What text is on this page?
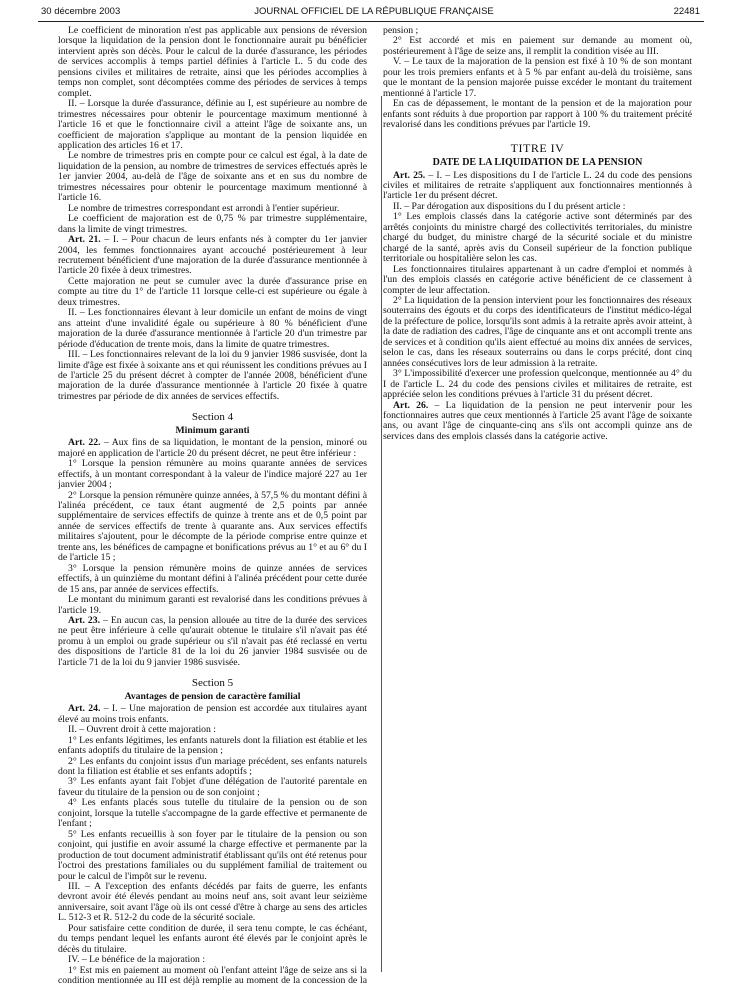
30 décembre 2003	JOURNAL OFFICIEL DE LA RÉPUBLIQUE FRANÇAISE	22481

Le coefficient de minoration n'est pas applicable aux pensions de réversion lorsque la liquidation de la pension dont le fonctionnaire aurait pu bénéficier intervient après son décès. Pour le calcul de la durée d'assurance, les périodes de services accomplis à temps partiel définies à l'article L. 5 du code des pensions civiles et militaires de retraite, ainsi que les périodes accomplies à temps non complet, sont décomptées comme des périodes de services à temps complet.

II. – Lorsque la durée d'assurance, définie au I, est supérieure au nombre de trimestres nécessaires pour obtenir le pourcentage maximum mentionné à l'article 16 et que le fonctionnaire civil a atteint l'âge de soixante ans, un coefficient de majoration s'applique au montant de la pension liquidée en application des articles 16 et 17.

Le nombre de trimestres pris en compte pour ce calcul est égal, à la date de liquidation de la pension, au nombre de trimestres de services effectués après le 1er janvier 2004, au-delà de l'âge de soixante ans et en sus du nombre de trimestres nécessaires pour obtenir le pourcentage maximum mentionné à l'article 16.

Le nombre de trimestres correspondant est arrondi à l'entier supérieur.

Le coefficient de majoration est de 0,75 % par trimestre supplémentaire, dans la limite de vingt trimestres.

Art. 21. – I. – Pour chacun de leurs enfants nés à compter du 1er janvier 2004, les femmes fonctionnaires ayant accouché postérieurement à leur recrutement bénéficient d'une majoration de la durée d'assurance mentionnée à l'article 20 fixée à deux trimestres.

Cette majoration ne peut se cumuler avec la durée d'assurance prise en compte au titre du 1° de l'article 11 lorsque celle-ci est supérieure ou égale à deux trimestres.

II. – Les fonctionnaires élevant à leur domicile un enfant de moins de vingt ans atteint d'une invalidité égale ou supérieure à 80 % bénéficient d'une majoration de la durée d'assurance mentionnée à l'article 20 d'un trimestre par période d'éducation de trente mois, dans la limite de quatre trimestres.

III. – Les fonctionnaires relevant de la loi du 9 janvier 1986 susvisée, dont la limite d'âge est fixée à soixante ans et qui réunissent les conditions prévues au I de l'article 25 du présent décret à compter de l'année 2008, bénéficient d'une majoration de la durée d'assurance mentionnée à l'article 20 fixée à quatre trimestres par période de dix années de services effectifs.

Section 4
Minimum garanti

Art. 22. – Aux fins de sa liquidation, le montant de la pension, minoré ou majoré en application de l'article 20 du présent décret, ne peut être inférieur :

1° Lorsque la pension rémunère au moins quarante années de services effectifs, à un montant correspondant à la valeur de l'indice majoré 227 au 1er janvier 2004 ;

2° Lorsque la pension rémunère quinze années, à 57,5 % du montant défini à l'alinéa précédent, ce taux étant augmenté de 2,5 points par année supplémentaire de services effectifs de quinze à trente ans et de 0,5 point par année de services effectifs de trente à quarante ans. Aux services effectifs militaires s'ajoutent, pour le décompte de la période comprise entre quinze et trente ans, les bénéfices de campagne et bonifications prévus au 1° et au 6° du I de l'article 15 ;

3° Lorsque la pension rémunère moins de quinze années de services effectifs, à un quinzième du montant défini à l'alinéa précédent pour cette durée de 15 ans, par année de services effectifs.

Le montant du minimum garanti est revalorisé dans les conditions prévues à l'article 19.

Art. 23. – En aucun cas, la pension allouée au titre de la durée des services ne peut être inférieure à celle qu'aurait obtenue le titulaire s'il n'avait pas été promu à un emploi ou grade supérieur ou s'il n'avait pas été reclassé en vertu des dispositions de l'article 81 de la loi du 26 janvier 1984 susvisée ou de l'article 71 de la loi du 9 janvier 1986 susvisée.

Section 5
Avantages de pension de caractère familial

Art. 24. – I. – Une majoration de pension est accordée aux titulaires ayant élevé au moins trois enfants.

II. – Ouvrent droit à cette majoration :

1° Les enfants légitimes, les enfants naturels dont la filiation est établie et les enfants adoptifs du titulaire de la pension ;

2° Les enfants du conjoint issus d'un mariage précédent, ses enfants naturels dont la filiation est établie et ses enfants adoptifs ;

3° Les enfants ayant fait l'objet d'une délégation de l'autorité parentale en faveur du titulaire de la pension ou de son conjoint ;

4° Les enfants placés sous tutelle du titulaire de la pension ou de son conjoint, lorsque la tutelle s'accompagne de la garde effective et permanente de l'enfant ;

5° Les enfants recueillis à son foyer par le titulaire de la pension ou son conjoint, qui justifie en avoir assumé la charge effective et permanente par la production de tout document administratif établissant qu'ils ont été retenus pour l'octroi des prestations familiales ou du supplément familial de traitement ou pour le calcul de l'impôt sur le revenu.

III. – A l'exception des enfants décédés par faits de guerre, les enfants devront avoir été élevés pendant au moins neuf ans, soit avant leur seizième anniversaire, soit avant l'âge où ils ont cessé d'être à charge au sens des articles L. 512-3 et R. 512-2 du code de la sécurité sociale.

Pour satisfaire cette condition de durée, il sera tenu compte, le cas échéant, du temps pendant lequel les enfants auront été élevés par le conjoint après le décès du titulaire.

IV. – Le bénéfice de la majoration :

1° Est mis en paiement au moment où l'enfant atteint l'âge de seize ans si la condition mentionnée au III est déjà remplie au moment de la concession de la pension ;

2° Est accordé et mis en paiement sur demande au moment où, postérieurement à l'âge de seize ans, il remplit la condition visée au III.

V. – Le taux de la majoration de la pension est fixé à 10 % de son montant pour les trois premiers enfants et à 5 % par enfant au-delà du troisième, sans que le montant de la pension majorée puisse excéder le montant du traitement mentionné à l'article 17.

En cas de dépassement, le montant de la pension et de la majoration pour enfants sont réduits à due proportion par rapport à 100 % du traitement précité revalorisé dans les conditions prévues par l'article 19.

TITRE IV
DATE DE LA LIQUIDATION DE LA PENSION

Art. 25. – I. – Les dispositions du I de l'article L. 24 du code des pensions civiles et militaires de retraite s'appliquent aux fonctionnaires mentionnés à l'article 1er du présent décret.

II. – Par dérogation aux dispositions du I du présent article :

1° Les emplois classés dans la catégorie active sont déterminés par des arrêtés conjoints du ministre chargé des collectivités territoriales, du ministre chargé du budget, du ministre chargé de la sécurité sociale et du ministre chargé de la santé, après avis du Conseil supérieur de la fonction publique territoriale ou hospitalière selon les cas.

Les fonctionnaires titulaires appartenant à un cadre d'emploi et nommés à l'un des emplois classés en catégorie active bénéficient de ce classement à compter de leur affectation.

2° La liquidation de la pension intervient pour les fonctionnaires des réseaux souterrains des égouts et du corps des identificateurs de l'institut médico-légal de la préfecture de police, lorsqu'ils sont admis à la retraite après avoir atteint, à la date de radiation des cadres, l'âge de cinquante ans et ont accompli trente ans de services et à condition qu'ils aient effectué au moins dix années de services, selon le cas, dans les réseaux souterrains ou dans le corps précité, dont cinq années consécutives lors de leur admission à la retraite.

3° L'impossibilité d'exercer une profession quelconque, mentionnée au 4° du I de l'article L. 24 du code des pensions civiles et militaires de retraite, est appréciée selon les conditions prévues à l'article 31 du présent décret.

Art. 26. – La liquidation de la pension ne peut intervenir pour les fonctionnaires autres que ceux mentionnés à l'article 25 avant l'âge de soixante ans, ou avant l'âge de cinquante-cinq ans s'ils ont accompli quinze ans de services dans des emplois classés dans la catégorie active.
